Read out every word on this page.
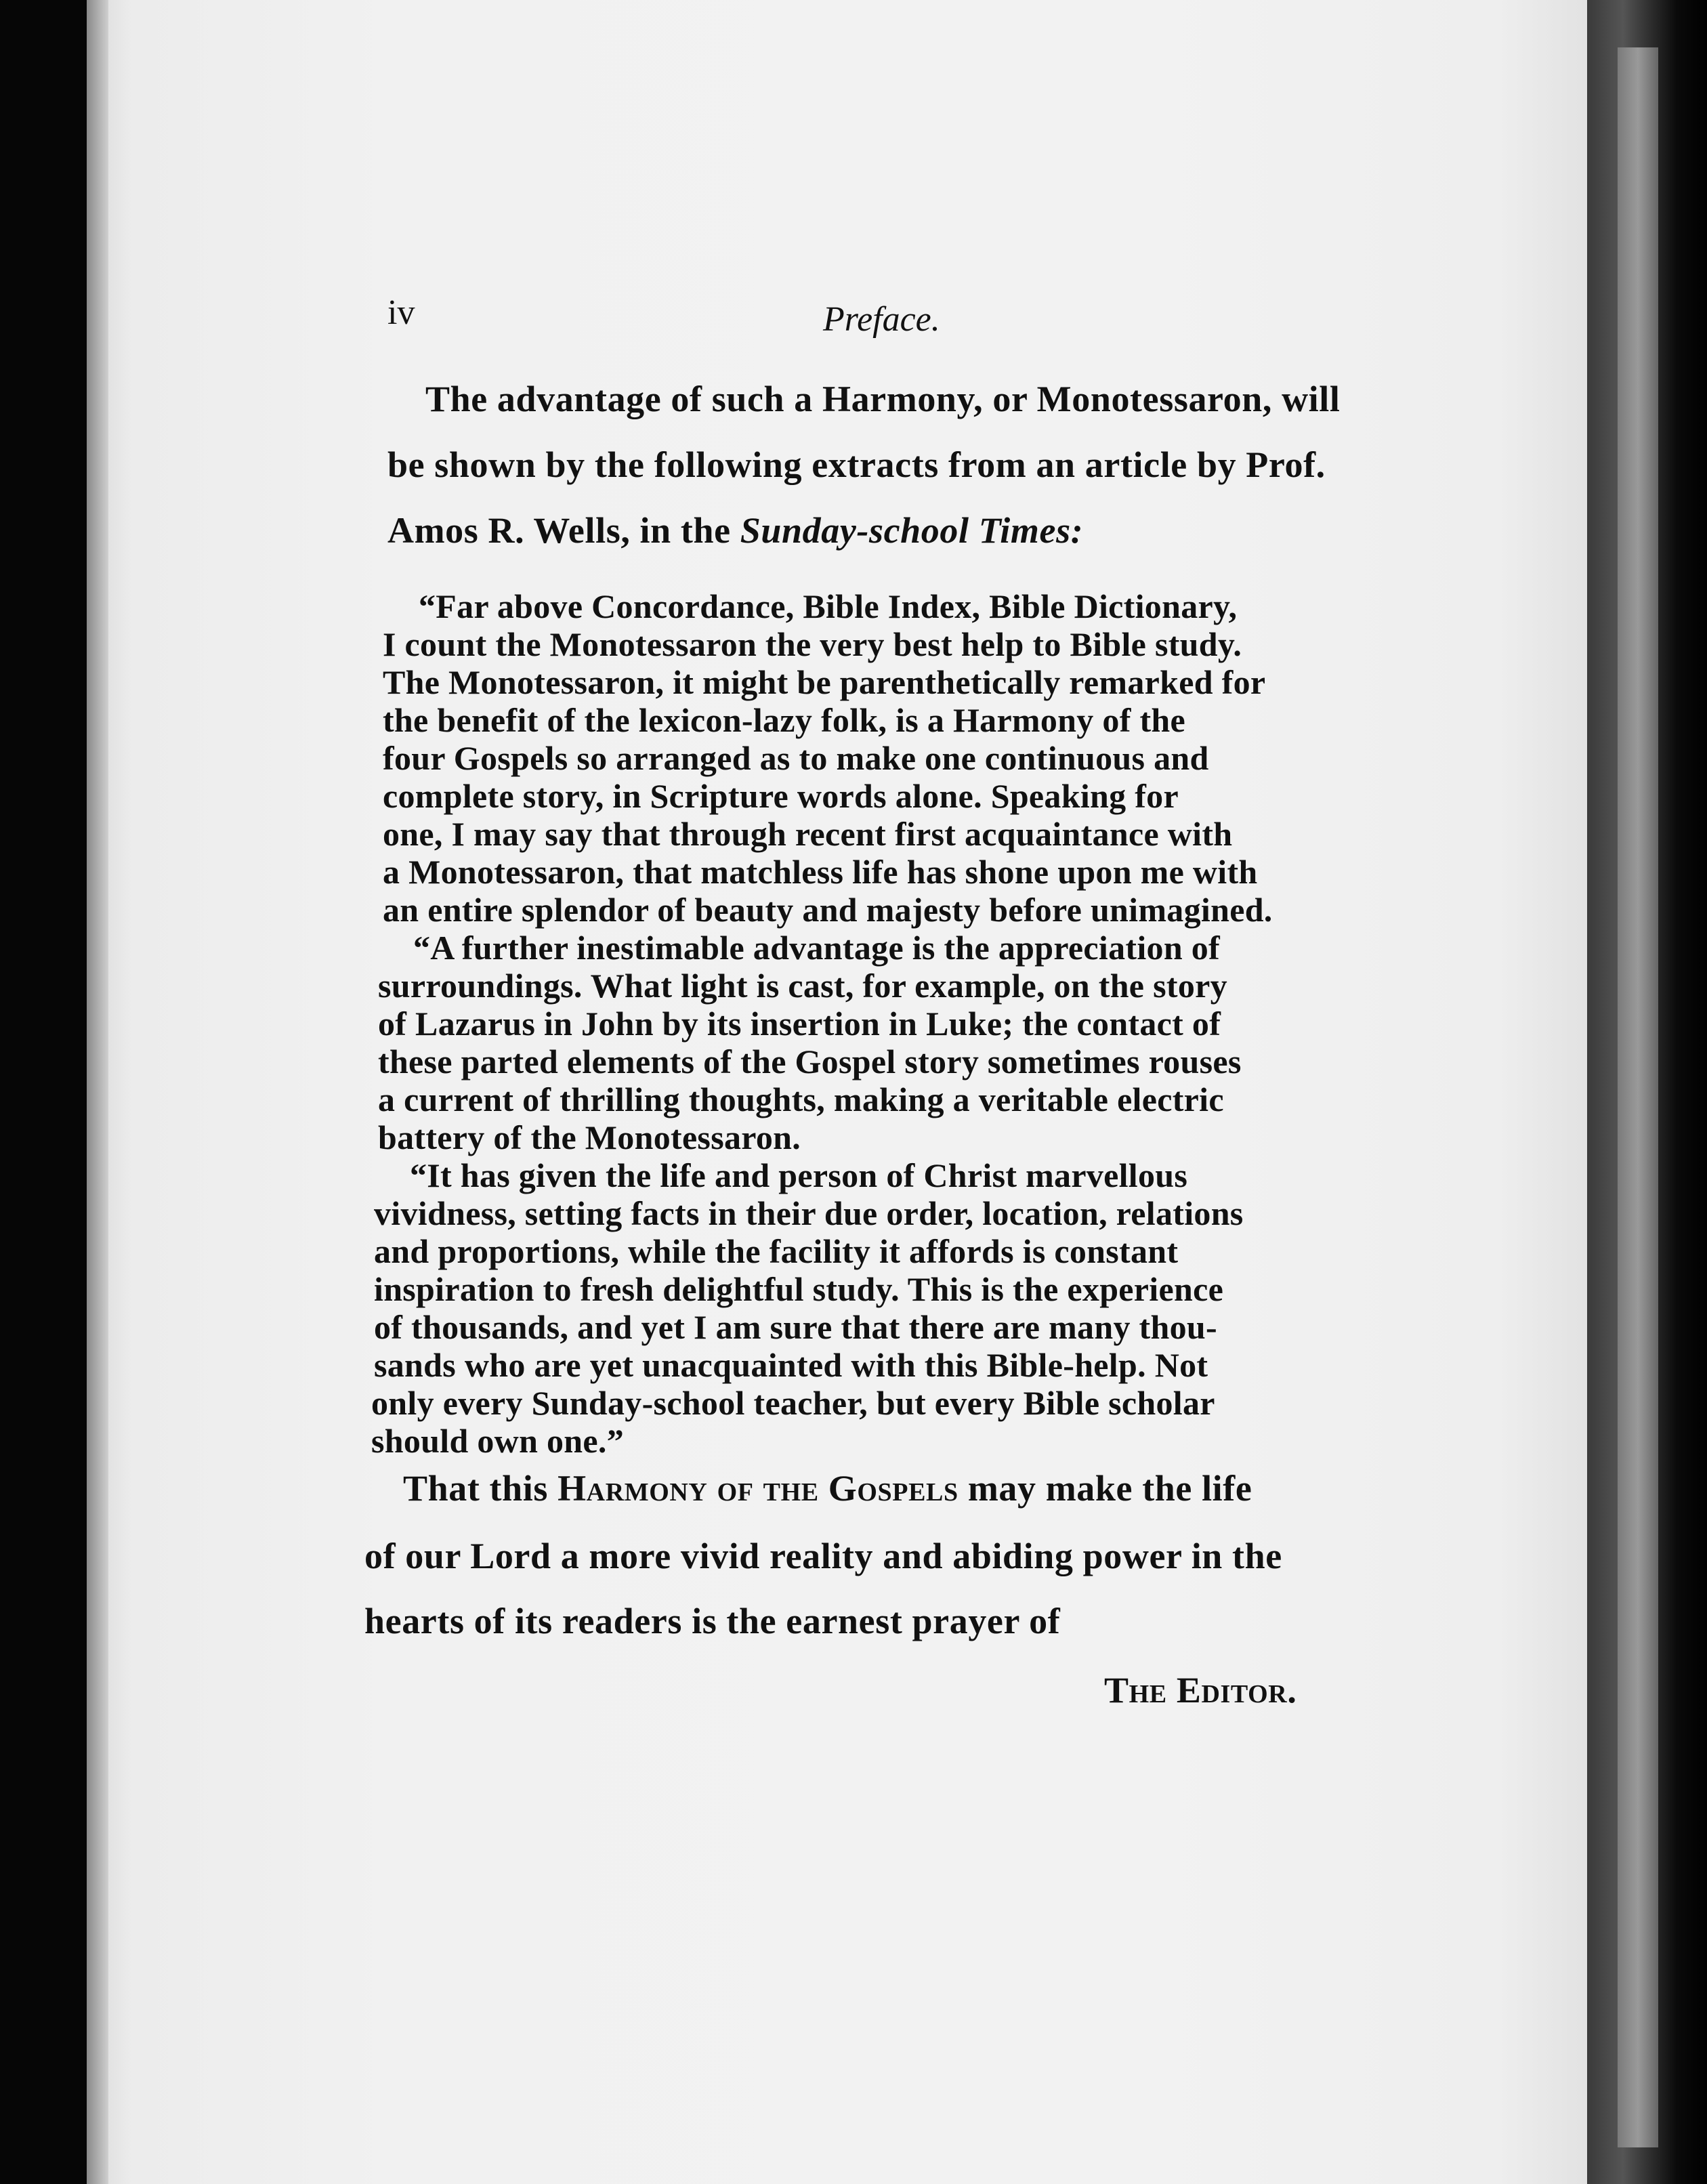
iv	Preface.
The advantage of such a Harmony, or Monotessaron, will
be shown by the following extracts from an article by Prof.
Amos R. Wells, in the Sunday-school Times:
“Far above Concordance, Bible Index, Bible Dictionary,
I count the Monotessaron the very best help to Bible study.
The Monotessaron, it might be parenthetically remarked for
the benefit of the lexicon-lazy folk, is a Harmony of the
four Gospels so arranged as to make one continuous and
complete story, in Scripture words alone. Speaking for
one, I may say that through recent first acquaintance with
a Monotessaron, that matchless life has shone upon me with
an entire splendor of beauty and majesty before unimagined.
“A further inestimable advantage is the appreciation of
surroundings. What light is cast, for example, on the story
of Lazarus in John by its insertion in Luke; the contact of
these parted elements of the Gospel story sometimes rouses
a current of thrilling thoughts, making a veritable electric
battery of the Monotessaron.
“It has given the life and person of Christ marvellous
vividness, setting facts in their due order, location, relations
and proportions, while the facility it affords is constant
inspiration to fresh delightful study. This is the experience
of thousands, and yet I am sure that there are many thou-
sands who are yet unacquainted with this Bible-help. Not
only every Sunday-school teacher, but every Bible scholar
should own one.”
That this Harmony of the Gospels may make the life
of our Lord a more vivid reality and abiding power in the
hearts of its readers is the earnest prayer of
The Editor.
